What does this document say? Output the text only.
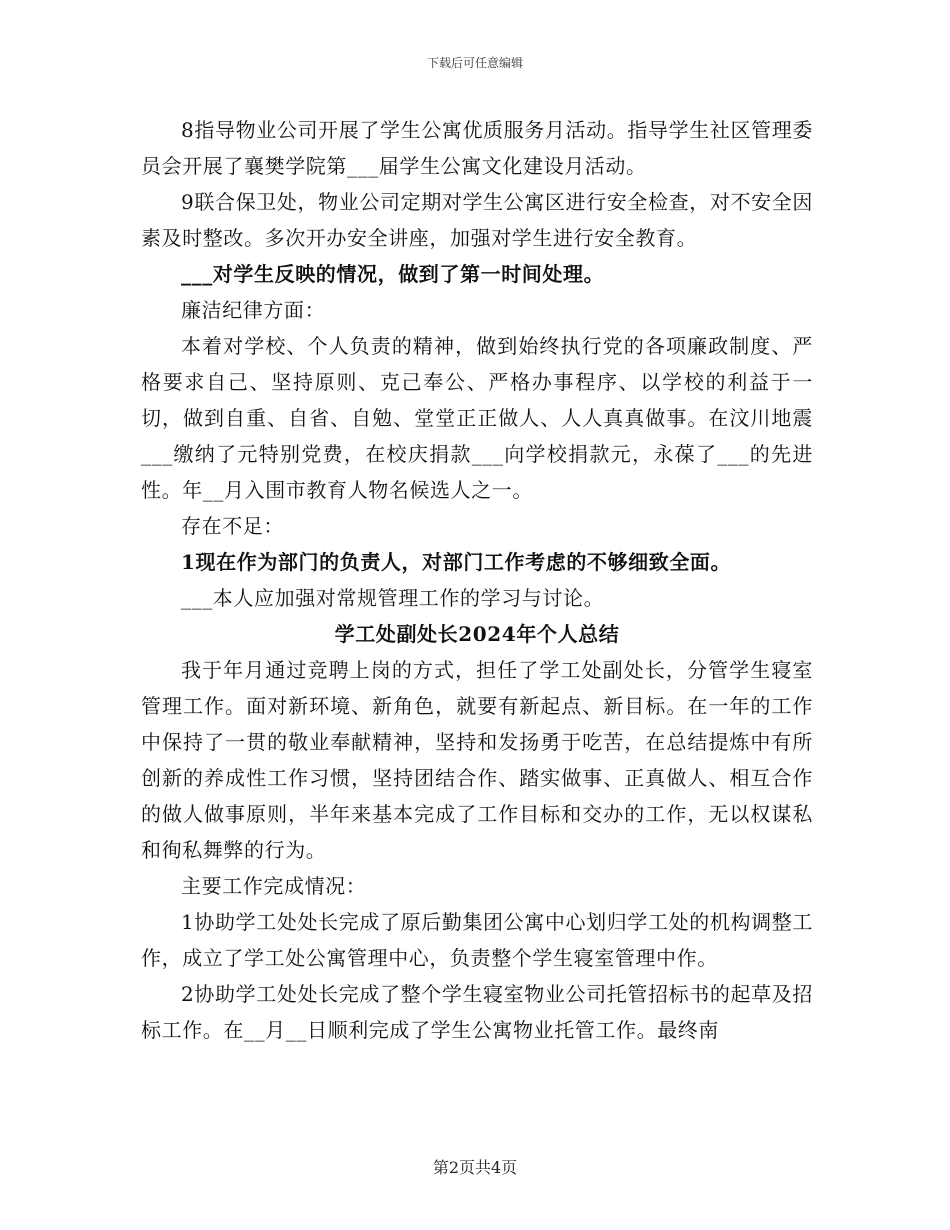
下载后可任意编辑

8指导物业公司开展了学生公寓优质服务月活动。指导学生社区管理委员会开展了襄樊学院第___届学生公寓文化建设月活动。

9联合保卫处，物业公司定期对学生公寓区进行安全检查，对不安全因素及时整改。多次开办安全讲座，加强对学生进行安全教育。

___对学生反映的情况，做到了第一时间处理。

廉洁纪律方面：

本着对学校、个人负责的精神，做到始终执行党的各项廉政制度、严格要求自己、坚持原则、克己奉公、严格办事程序、以学校的利益于一切，做到自重、自省、自勉、堂堂正正做人、人人真真做事。在汶川地震___缴纳了元特别党费，在校庆捐款___向学校捐款元，永葆了___的先进性。年__月入围市教育人物名候选人之一。

存在不足：

1现在作为部门的负责人，对部门工作考虑的不够细致全面。

___本人应加强对常规管理工作的学习与讨论。

学工处副处长2024年个人总结

我于年月通过竞聘上岗的方式，担任了学工处副处长，分管学生寝室管理工作。面对新环境、新角色，就要有新起点、新目标。在一年的工作中保持了一贯的敬业奉献精神，坚持和发扬勇于吃苦，在总结提炼中有所创新的养成性工作习惯，坚持团结合作、踏实做事、正真做人、相互合作的做人做事原则，半年来基本完成了工作目标和交办的工作，无以权谋私和徇私舞弊的行为。

主要工作完成情况：

1协助学工处处长完成了原后勤集团公寓中心划归学工处的机构调整工作，成立了学工处公寓管理中心，负责整个学生寝室管理中作。

2协助学工处处长完成了整个学生寝室物业公司托管招标书的起草及招标工作。在__月__日顺利完成了学生公寓物业托管工作。最终南

第2页共4页
